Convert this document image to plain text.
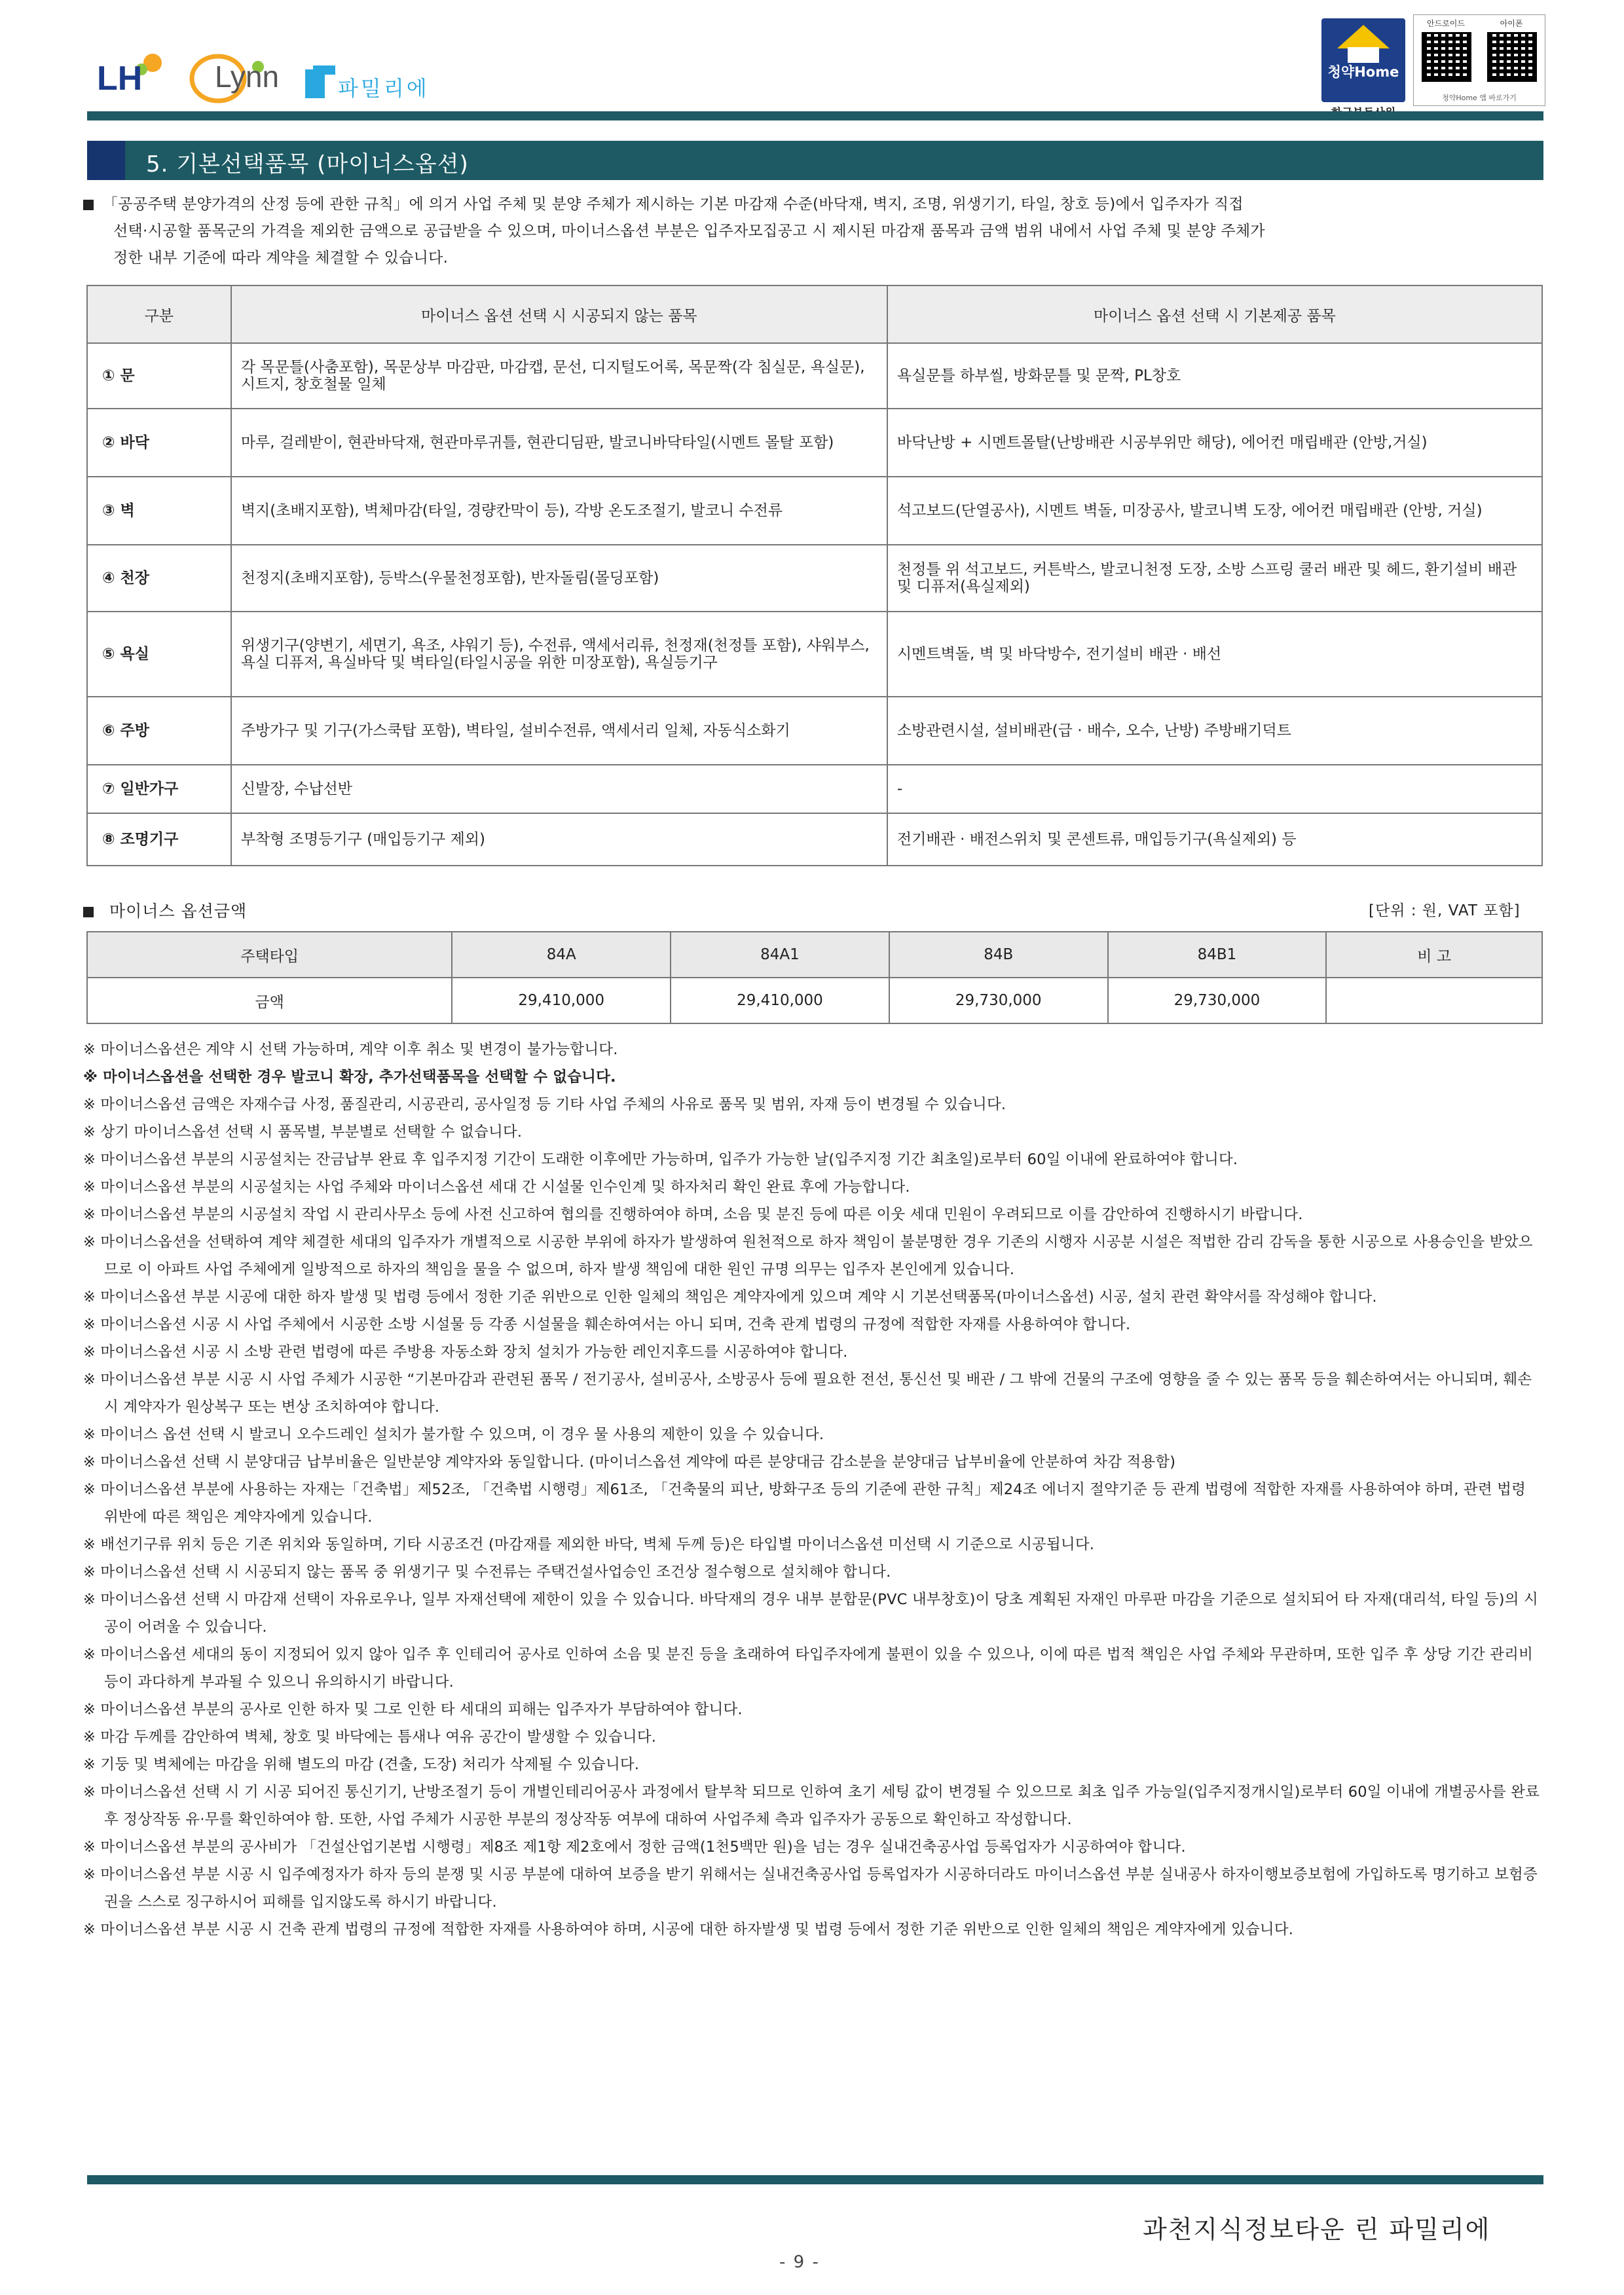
LH Lynn	파밀리에
청약Home
안드로이드	아이폰
청약Home 앱 바로가기
5. 기본선택품목 (마이너스옵션)
「공공주택 분양가격의 산정 등에 관한 규칙」에 의거 사업 주체 및 분양 주체가 제시하는 기본 마감재 수준(바닥재, 벽지, 조명, 위생기기, 타일, 창호 등)에서 입주자가 직접
선택·시공할 품목군의 가격을 제외한 금액으로 공급받을 수 있으며, 마이너스옵션 부분은 입주자모집공고 시 제시된 마감재 품목과 금액 범위 내에서 사업 주체 및 분양 주체가
정한 내부 기준에 따라 계약을 체결할 수 있습니다.
구분	마이너스 옵션 선택 시 시공되지 않는 품목	마이너스 옵션 선택 시 기본제공 품목
① 문	각 목문틀(사춤포함), 목문상부 마감판, 마감캡, 문선, 디지털도어록, 목문짝(각 침실문, 욕실문), 시트지, 창호철물 일체	욕실문틀 하부씰, 방화문틀 및 문짝, PL창호
② 바닥	마루, 걸레받이, 현관바닥재, 현관마루귀틀, 현관디딤판, 발코니바닥타일(시멘트 몰탈 포함)	바닥난방 + 시멘트몰탈(난방배관 시공부위만 해당), 에어컨 매립배관 (안방,거실)
③ 벽	벽지(초배지포함), 벽체마감(타일, 경량칸막이 등), 각방 온도조절기, 발코니 수전류	석고보드(단열공사), 시멘트 벽돌, 미장공사, 발코니벽 도장, 에어컨 매립배관 (안방, 거실)
④ 천장	천정지(초배지포함), 등박스(우물천정포함), 반자돌림(몰딩포함)	천정틀 위 석고보드, 커튼박스, 발코니천정 도장, 소방 스프링 쿨러 배관 및 헤드, 환기설비 배관 및 디퓨저(욕실제외)
⑤ 욕실	위생기구(양변기, 세면기, 욕조, 샤워기 등), 수전류, 액세서리류, 천정재(천정틀 포함), 샤워부스, 욕실 디퓨저, 욕실바닥 및 벽타일(타일시공을 위한 미장포함), 욕실등기구	시멘트벽돌, 벽 및 바닥방수, 전기설비 배관 · 배선
⑥ 주방	주방가구 및 기구(가스쿡탑 포함), 벽타일, 설비수전류, 액세서리 일체, 자동식소화기	소방관련시설, 설비배관(급 · 배수, 오수, 난방) 주방배기덕트
⑦ 일반가구	신발장, 수납선반	-
⑧ 조명기구	부착형 조명등기구 (매입등기구 제외)	전기배관 · 배전스위치 및 콘센트류, 매입등기구(욕실제외) 등
마이너스 옵션금액	[단위 : 원, VAT 포함]
주택타입	84A	84A1	84B	84B1	비 고
금액	29,410,000	29,410,000	29,730,000	29,730,000	
※ 마이너스옵션은 계약 시 선택 가능하며, 계약 이후 취소 및 변경이 불가능합니다.
※ 마이너스옵션을 선택한 경우 발코니 확장, 추가선택품목을 선택할 수 없습니다.
※ 마이너스옵션 금액은 자재수급 사정, 품질관리, 시공관리, 공사일정 등 기타 사업 주체의 사유로 품목 및 범위, 자재 등이 변경될 수 있습니다.
※ 상기 마이너스옵션 선택 시 품목별, 부분별로 선택할 수 없습니다.
※ 마이너스옵션 부분의 시공설치는 잔금납부 완료 후 입주지정 기간이 도래한 이후에만 가능하며, 입주가 가능한 날(입주지정 기간 최초일)로부터 60일 이내에 완료하여야 합니다.
※ 마이너스옵션 부분의 시공설치는 사업 주체와 마이너스옵션 세대 간 시설물 인수인계 및 하자처리 확인 완료 후에 가능합니다.
※ 마이너스옵션 부분의 시공설치 작업 시 관리사무소 등에 사전 신고하여 협의를 진행하여야 하며, 소음 및 분진 등에 따른 이웃 세대 민원이 우려되므로 이를 감안하여 진행하시기 바랍니다.
※ 마이너스옵션을 선택하여 계약 체결한 세대의 입주자가 개별적으로 시공한 부위에 하자가 발생하여 원천적으로 하자 책임이 불분명한 경우 기존의 시행자 시공분 시설은 적법한 감리 감독을 통한 시공으로 사용승인을 받았으므로 이 아파트 사업 주체에게 일방적으로 하자의 책임을 물을 수 없으며, 하자 발생 책임에 대한 원인 규명 의무는 입주자 본인에게 있습니다.
※ 마이너스옵션 부분 시공에 대한 하자 발생 및 법령 등에서 정한 기준 위반으로 인한 일체의 책임은 계약자에게 있으며 계약 시 기본선택품목(마이너스옵션) 시공, 설치 관련 확약서를 작성해야 합니다.
※ 마이너스옵션 시공 시 사업 주체에서 시공한 소방 시설물 등 각종 시설물을 훼손하여서는 아니 되며, 건축 관계 법령의 규정에 적합한 자재를 사용하여야 합니다.
※ 마이너스옵션 시공 시 소방 관련 법령에 따른 주방용 자동소화 장치 설치가 가능한 레인지후드를 시공하여야 합니다.
※ 마이너스옵션 부분 시공 시 사업 주체가 시공한 “기본마감과 관련된 품목 / 전기공사, 설비공사, 소방공사 등에 필요한 전선, 통신선 및 배관 / 그 밖에 건물의 구조에 영향을 줄 수 있는 품목 등을 훼손하여서는 아니되며, 훼손 시 계약자가 원상복구 또는 변상 조치하여야 합니다.
※ 마이너스 옵션 선택 시 발코니 오수드레인 설치가 불가할 수 있으며, 이 경우 물 사용의 제한이 있을 수 있습니다.
※ 마이너스옵션 선택 시 분양대금 납부비율은 일반분양 계약자와 동일합니다. (마이너스옵션 계약에 따른 분양대금 감소분을 분양대금 납부비율에 안분하여 차감 적용함)
※ 마이너스옵션 부분에 사용하는 자재는「건축법」제52조, 「건축법 시행령」제61조, 「건축물의 피난, 방화구조 등의 기준에 관한 규칙」제24조 에너지 절약기준 등 관계 법령에 적합한 자재를 사용하여야 하며, 관련 법령 위반에 따른 책임은 계약자에게 있습니다.
※ 배선기구류 위치 등은 기존 위치와 동일하며, 기타 시공조건 (마감재를 제외한 바닥, 벽체 두께 등)은 타입별 마이너스옵션 미선택 시 기준으로 시공됩니다.
※ 마이너스옵션 선택 시 시공되지 않는 품목 중 위생기구 및 수전류는 주택건설사업승인 조건상 절수형으로 설치해야 합니다.
※ 마이너스옵션 선택 시 마감재 선택이 자유로우나, 일부 자재선택에 제한이 있을 수 있습니다. 바닥재의 경우 내부 분합문(PVC 내부창호)이 당초 계획된 자재인 마루판 마감을 기준으로 설치되어 타 자재(대리석, 타일 등)의 시공이 어려울 수 있습니다.
※ 마이너스옵션 세대의 동이 지정되어 있지 않아 입주 후 인테리어 공사로 인하여 소음 및 분진 등을 초래하여 타입주자에게 불편이 있을 수 있으나, 이에 따른 법적 책임은 사업 주체와 무관하며, 또한 입주 후 상당 기간 관리비 등이 과다하게 부과될 수 있으니 유의하시기 바랍니다.
※ 마이너스옵션 부분의 공사로 인한 하자 및 그로 인한 타 세대의 피해는 입주자가 부담하여야 합니다.
※ 마감 두께를 감안하여 벽체, 창호 및 바닥에는 틈새나 여유 공간이 발생할 수 있습니다.
※ 기둥 및 벽체에는 마감을 위해 별도의 마감 (견출, 도장) 처리가 삭제될 수 있습니다.
※ 마이너스옵션 선택 시 기 시공 되어진 통신기기, 난방조절기 등이 개별인테리어공사 과정에서 탈부착 되므로 인하여 초기 세팅 값이 변경될 수 있으므로 최초 입주 가능일(입주지정개시일)로부터 60일 이내에 개별공사를 완료 후 정상작동 유·무를 확인하여야 함. 또한, 사업 주체가 시공한 부분의 정상작동 여부에 대하여 사업주체 측과 입주자가 공동으로 확인하고 작성합니다.
※ 마이너스옵션 부분의 공사비가 「건설산업기본법 시행령」제8조 제1항 제2호에서 정한 금액(1천5백만 원)을 넘는 경우 실내건축공사업 등록업자가 시공하여야 합니다.
※ 마이너스옵션 부분 시공 시 입주예정자가 하자 등의 분쟁 및 시공 부분에 대하여 보증을 받기 위해서는 실내건축공사업 등록업자가 시공하더라도 마이너스옵션 부분 실내공사 하자이행보증보험에 가입하도록 명기하고 보험증권을 스스로 징구하시어 피해를 입지않도록 하시기 바랍니다.
※ 마이너스옵션 부분 시공 시 건축 관계 법령의 규정에 적합한 자재를 사용하여야 하며, 시공에 대한 하자발생 및 법령 등에서 정한 기준 위반으로 인한 일체의 책임은 계약자에게 있습니다.
과천지식정보타운 린 파밀리에
- 9 -
